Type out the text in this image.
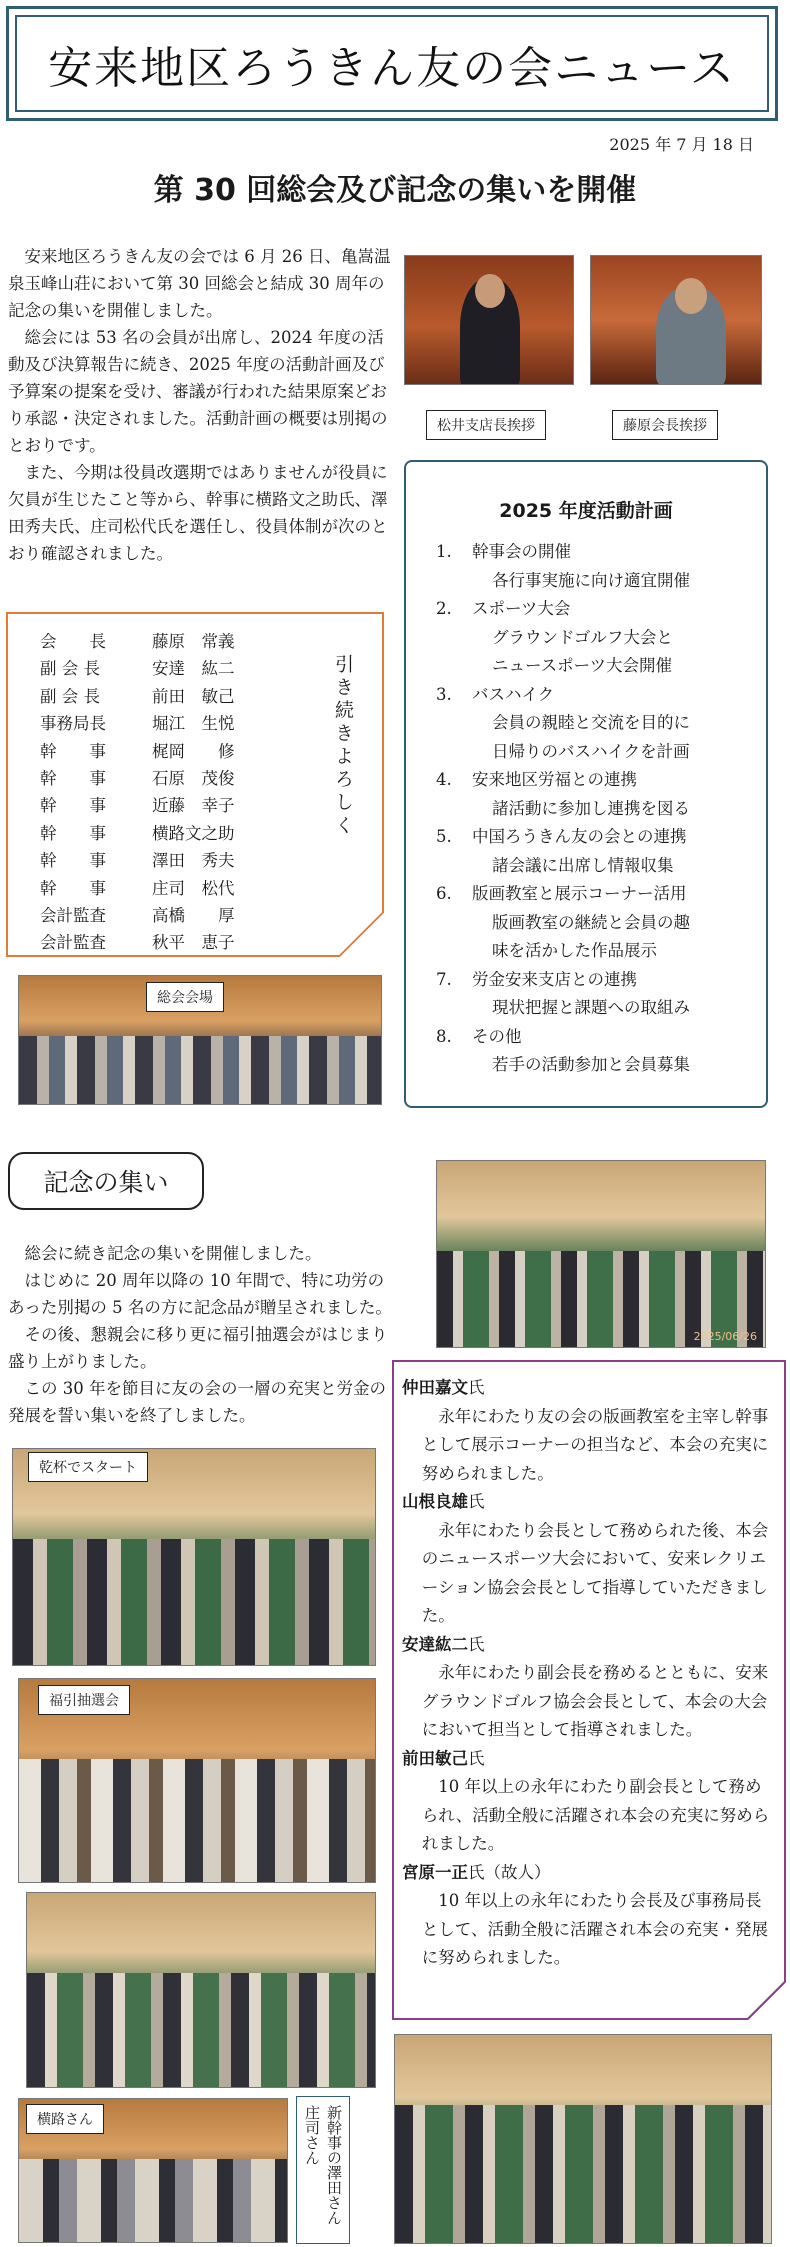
安来地区ろうきん友の会ニュース
2025 年 7 月 18 日
第 30 回総会及び記念の集いを開催

安来地区ろうきん友の会では 6 月 26 日、亀嵩温泉玉峰山荘において第 30 回総会と結成 30 周年の記念の集いを開催しました。

総会には 53 名の会員が出席し、2024 年度の活動及び決算報告に続き、2025 年度の活動計画及び予算案の提案を受け、審議が行われた結果原案どおり承認・決定されました。活動計画の概要は別掲のとおりです。

また、今期は役員改選期ではありませんが役員に欠員が生じたこと等から、幹事に横路文之助氏、澤田秀夫氏、庄司松代氏を選任し、役員体制が次のとおり確認されました。

松井支店長挨拶	藤原会長挨拶
引き続きよろしく
会　　長	藤原　常義
副 会 長	安達　紘二
副 会 長	前田　敏己
事務局長	堀江　生悦
幹　　事	梶岡　　修
幹　　事	石原　茂俊
幹　　事	近藤　幸子
幹　　事	横路文之助
幹　　事	澤田　秀夫
幹　　事	庄司　松代
会計監査	高橋　　厚
会計監査	秋平　恵子
2025 年度活動計画
1.	幹事会の開催
各行事実施に向け適宜開催
2.	スポーツ大会
グラウンドゴルフ大会と
ニュースポーツ大会開催
3.	バスハイク
会員の親睦と交流を目的に
日帰りのバスハイクを計画
4.	安来地区労福との連携
諸活動に参加し連携を図る
5.	中国ろうきん友の会との連携
諸会議に出席し情報収集
6.	版画教室と展示コーナー活用
版画教室の継続と会員の趣
味を活かした作品展示
7.	労金安来支店との連携
現状把握と課題への取組み
8.	その他
若手の活動参加と会員募集
総会会場
記念の集い
2025/06/26

総会に続き記念の集いを開催しました。

はじめに 20 周年以降の 10 年間で、特に功労のあった別掲の 5 名の方に記念品が贈呈されました。

その後、懇親会に移り更に福引抽選会がはじまり盛り上がりました。

この 30 年を節目に友の会の一層の充実と労金の発展を誓い集いを終了しました。

仲田嘉文氏
永年にわたり友の会の版画教室を主宰し幹事として展示コーナーの担当など、本会の充実に努められました。
山根良雄氏
永年にわたり会長として務められた後、本会のニュースポーツ大会において、安来レクリエーション協会会長として指導していただきました。
安達紘二氏
永年にわたり副会長を務めるとともに、安来グラウンドゴルフ協会会長として、本会の大会において担当として指導されました。
前田敏己氏
10 年以上の永年にわたり副会長として務められ、活動全般に活躍され本会の充実に努められました。
宮原一正氏（故人）
10 年以上の永年にわたり会長及び事務局長として、活動全般に活躍され本会の充実・発展に努められました。
乾杯でスタート
福引抽選会
横路さん	新幹事の澤田さん　庄司さん
